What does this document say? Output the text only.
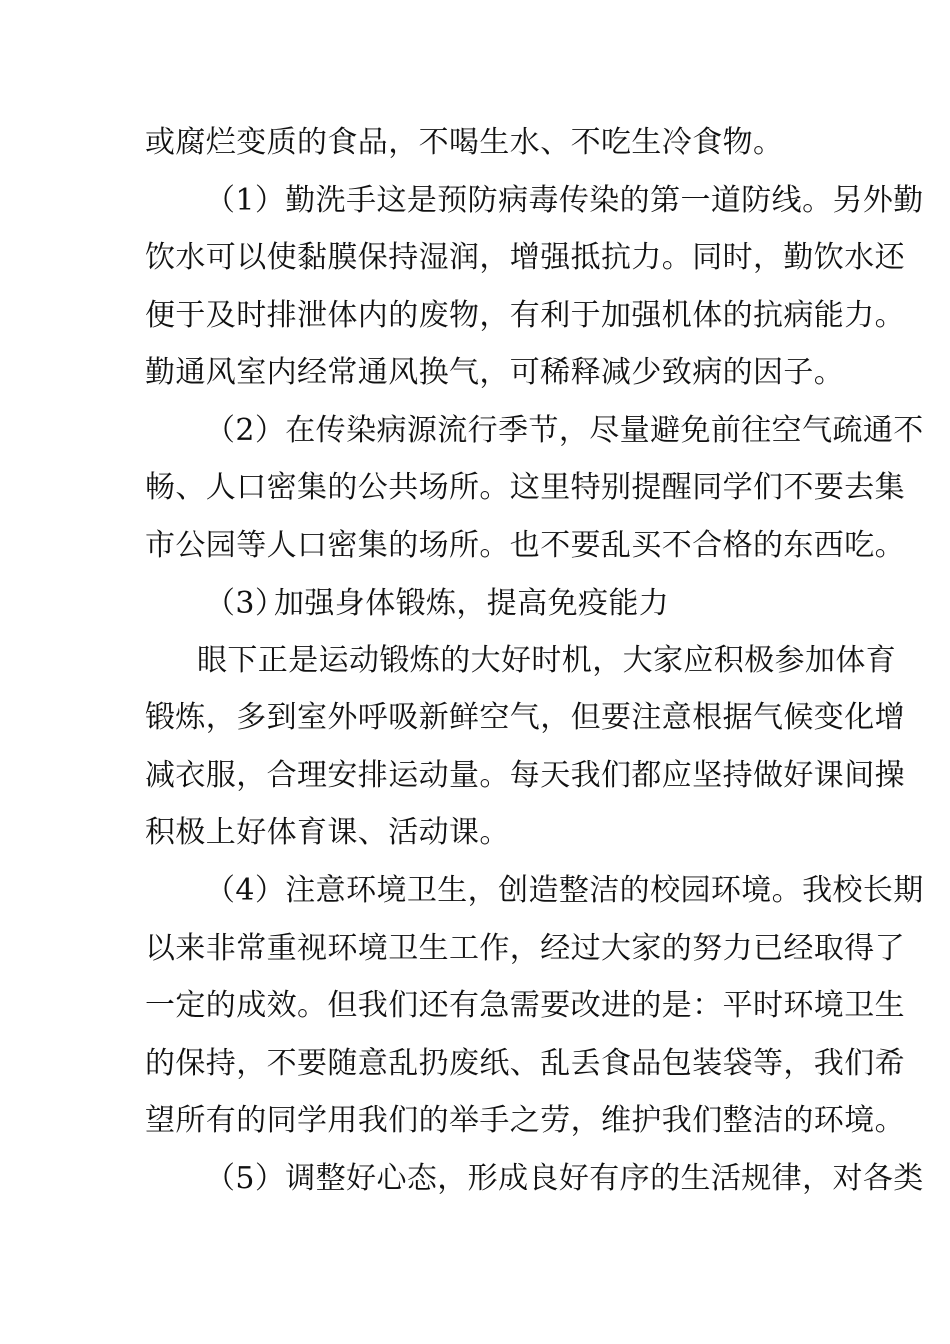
或腐烂变质的食品，不喝生水、不吃生冷食物。
（1）勤洗手这是预防病毒传染的第一道防线。另外勤
饮水可以使黏膜保持湿润，增强抵抗力。同时，勤饮水还
便于及时排泄体内的废物，有利于加强机体的抗病能力。
勤通风室内经常通风换气，可稀释减少致病的因子。
（2）在传染病源流行季节，尽量避免前往空气疏通不
畅、人口密集的公共场所。这里特别提醒同学们不要去集
市公园等人口密集的场所。也不要乱买不合格的东西吃。
（3）
加强身体锻炼，提高免疫能力
眼下正是运动锻炼的大好时机，大家应积极参加体育
锻炼，多到室外呼吸新鲜空气，但要注意根据气候变化增
减衣服，合理安排运动量。每天我们都应坚持做好课间操
积极上好体育课、活动课。
（4）注意环境卫生，创造整洁的校园环境。我校长期
以来非常重视环境卫生工作，经过大家的努力已经取得了
一定的成效。但我们还有急需要改进的是：平时环境卫生
的保持，不要随意乱扔废纸、乱丢食品包装袋等，我们希
望所有的同学用我们的举手之劳，维护我们整洁的环境。
（5）调整好心态，形成良好有序的生活规律，对各类
